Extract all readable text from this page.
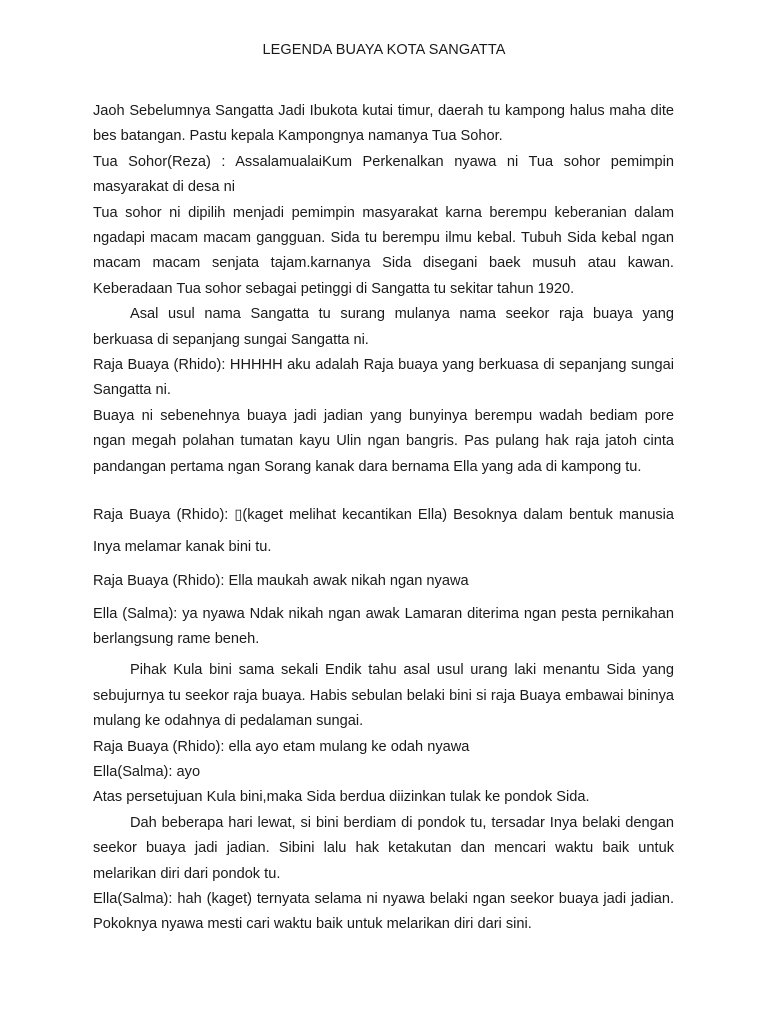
LEGENDA BUAYA KOTA SANGATTA

Jaoh Sebelumnya Sangatta Jadi Ibukota kutai timur, daerah tu kampong halus maha dite bes batangan. Pastu kepala Kampongnya namanya Tua Sohor.

Tua Sohor(Reza) : AssalamualaiKum Perkenalkan nyawa ni Tua sohor pemimpin masyarakat di desa ni

Tua sohor ni dipilih menjadi pemimpin masyarakat karna berempu keberanian dalam ngadapi macam macam gangguan. Sida tu berempu ilmu kebal. Tubuh Sida kebal ngan macam macam senjata tajam.karnanya Sida disegani baek musuh atau kawan. Keberadaan Tua sohor sebagai petinggi di Sangatta tu sekitar tahun 1920.

Asal usul nama Sangatta tu surang mulanya nama seekor raja buaya yang berkuasa di sepanjang sungai Sangatta ni.

Raja Buaya (Rhido): HHHHH aku adalah Raja buaya yang berkuasa di sepanjang sungai Sangatta ni.

Buaya ni sebenehnya buaya jadi jadian yang bunyinya berempu wadah bediam pore ngan megah polahan tumatan kayu Ulin ngan bangris. Pas pulang hak raja jatoh cinta pandangan pertama ngan Sorang kanak dara bernama Ella yang ada di kampong tu.

Raja Buaya (Rhido): ▯(kaget melihat kecantikan Ella) Besoknya dalam bentuk manusia Inya melamar kanak bini tu.

Raja Buaya (Rhido): Ella maukah awak nikah ngan nyawa

Ella (Salma): ya nyawa Ndak nikah ngan awak Lamaran diterima ngan pesta pernikahan berlangsung rame beneh.

Pihak Kula bini sama sekali Endik tahu asal usul urang laki menantu Sida yang sebujurnya tu seekor raja buaya. Habis sebulan belaki bini si raja Buaya embawai bininya mulang ke odahnya di pedalaman sungai.

Raja Buaya (Rhido): ella ayo etam mulang ke odah nyawa

Ella(Salma): ayo

Atas persetujuan Kula bini,maka Sida berdua diizinkan tulak ke pondok Sida.

Dah beberapa hari lewat, si bini berdiam di pondok tu, tersadar Inya belaki dengan seekor buaya jadi jadian. Sibini lalu hak ketakutan dan mencari waktu baik untuk melarikan diri dari pondok tu.

Ella(Salma): hah (kaget) ternyata selama ni nyawa belaki ngan seekor buaya jadi jadian. Pokoknya nyawa mesti cari waktu baik untuk melarikan diri dari sini.
